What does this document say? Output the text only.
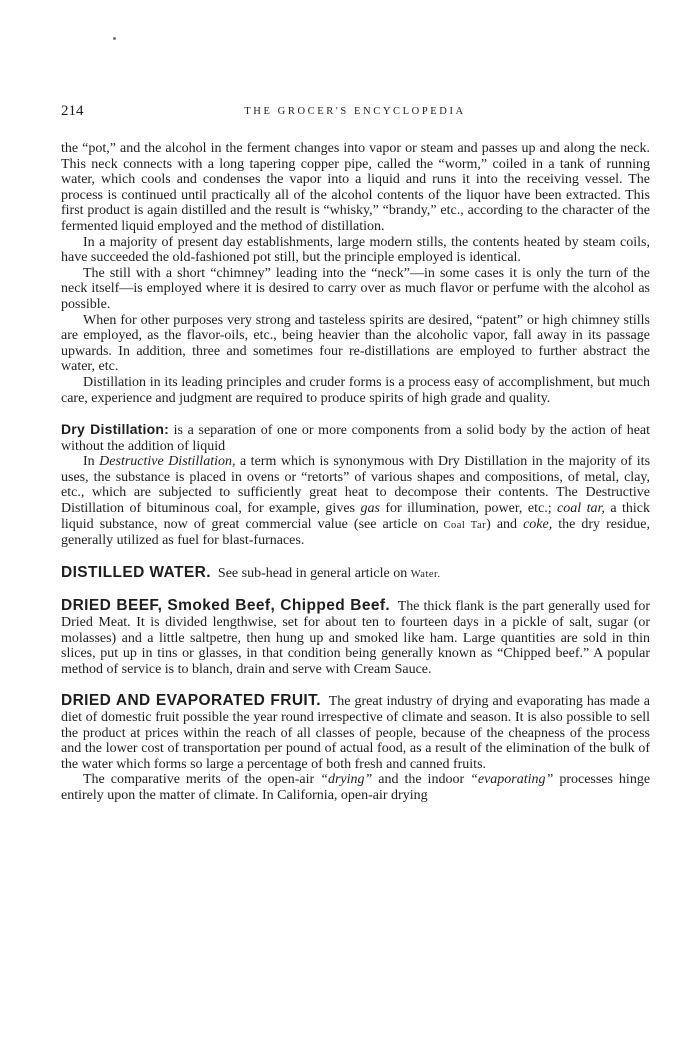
214	THE GROCER'S ENCYCLOPEDIA

the “pot,” and the alcohol in the ferment changes into vapor or steam and passes up and along the neck. This neck connects with a long tapering copper pipe, called the “worm,” coiled in a tank of running water, which cools and condenses the vapor into a liquid and runs it into the receiving vessel. The process is continued until practically all of the alcohol contents of the liquor have been extracted. This first product is again distilled and the result is “whisky,” “brandy,” etc., according to the character of the fermented liquid employed and the method of distillation.

In a majority of present day establishments, large modern stills, the contents heated by steam coils, have succeeded the old-fashioned pot still, but the principle employed is identical.

The still with a short “chimney” leading into the “neck”—in some cases it is only the turn of the neck itself—is employed where it is desired to carry over as much flavor or perfume with the alcohol as possible.

When for other purposes very strong and tasteless spirits are desired, “patent” or high chimney stills are employed, as the flavor-oils, etc., being heavier than the alcoholic vapor, fall away in its passage upwards. In addition, three and sometimes four re-distillations are employed to further abstract the water, etc.

Distillation in its leading principles and cruder forms is a process easy of accomplishment, but much care, experience and judgment are required to produce spirits of high grade and quality.

Dry Distillation: is a separation of one or more components from a solid body by the action of heat without the addition of liquid

In Destructive Distillation, a term which is synonymous with Dry Distillation in the majority of its uses, the substance is placed in ovens or “retorts” of various shapes and compositions, of metal, clay, etc., which are subjected to sufficiently great heat to decompose their contents. The Destructive Distillation of bituminous coal, for example, gives gas for illumination, power, etc.; coal tar, a thick liquid substance, now of great commercial value (see article on Coal Tar) and coke, the dry residue, generally utilized as fuel for blast-furnaces.

DISTILLED WATER. See sub-head in general article on Water.

DRIED BEEF, Smoked Beef, Chipped Beef. The thick flank is the part generally used for Dried Meat. It is divided lengthwise, set for about ten to fourteen days in a pickle of salt, sugar (or molasses) and a little saltpetre, then hung up and smoked like ham. Large quantities are sold in thin slices, put up in tins or glasses, in that condition being generally known as “Chipped beef.” A popular method of service is to blanch, drain and serve with Cream Sauce.

DRIED AND EVAPORATED FRUIT. The great industry of drying and evaporating has made a diet of domestic fruit possible the year round irrespective of climate and season. It is also possible to sell the product at prices within the reach of all classes of people, because of the cheapness of the process and the lower cost of transportation per pound of actual food, as a result of the elimination of the bulk of the water which forms so large a percentage of both fresh and canned fruits.

The comparative merits of the open-air “drying” and the indoor “evaporating” processes hinge entirely upon the matter of climate. In California, open-air drying
